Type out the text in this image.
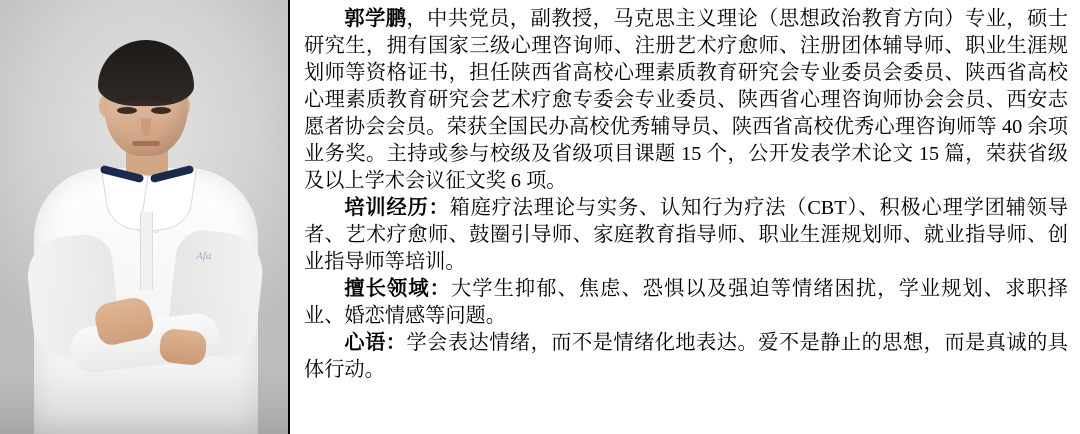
Afa

郭学鹏，中共党员，副教授，马克思主义理论（思想政治教育方向）专业，硕士研究生，拥有国家三级心理咨询师、注册艺术疗愈师、注册团体辅导师、职业生涯规划师等资格证书，担任陕西省高校心理素质教育研究会专业委员会委员、陕西省高校心理素质教育研究会艺术疗愈专委会专业委员、陕西省心理咨询师协会会员、西安志愿者协会会员。荣获全国民办高校优秀辅导员、陕西省高校优秀心理咨询师等 40 余项业务奖。主持或参与校级及省级项目课题 15 个，公开发表学术论文 15 篇，荣获省级及以上学术会议征文奖 6 项。

培训经历：箱庭疗法理论与实务、认知行为疗法（CBT）、积极心理学团辅领导者、艺术疗愈师、鼓圈引导师、家庭教育指导师、职业生涯规划师、就业指导师、创业指导师等培训。

擅长领域：大学生抑郁、焦虑、恐惧以及强迫等情绪困扰，学业规划、求职择业、婚恋情感等问题。

心语：学会表达情绪，而不是情绪化地表达。爱不是静止的思想，而是真诚的具体行动。
